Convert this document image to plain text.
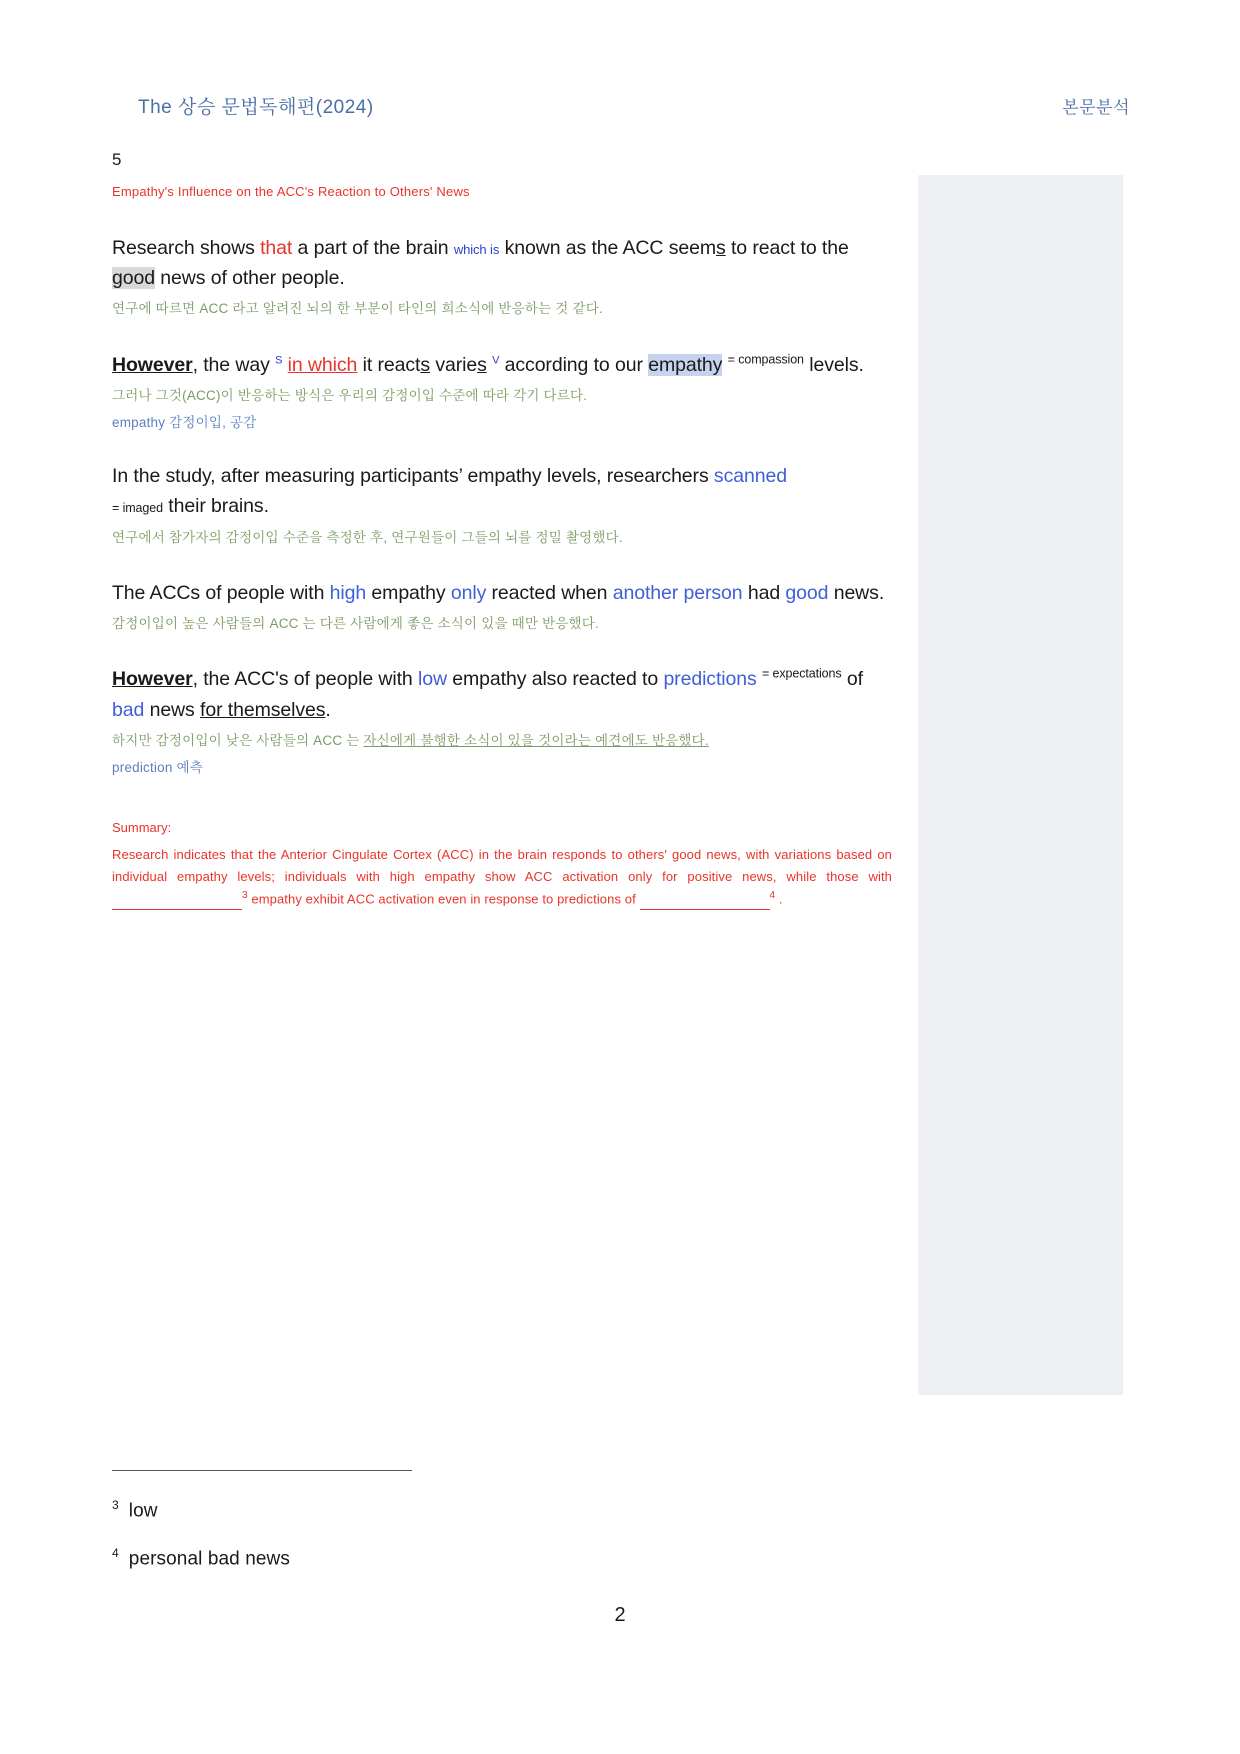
The 상승 문법독해편(2024)	본문분석
5
Empathy's Influence on the ACC's Reaction to Others' News
Research shows that a part of the brain which is known as the ACC seems to react to the good news of other people.
연구에 따르면 ACC 라고 알려진 뇌의 한 부분이 타인의 희소식에 반응하는 것 같다.
However, the way $^S$ in which it reacts varies $^V$ according to our empathy $^{= compassion}$ levels.
그러나 그것(ACC)이 반응하는 방식은 우리의 감정이입 수준에 따라 각기 다르다.
empathy 감정이입, 공감
In the study, after measuring participants’ empathy levels, researchers scanned
= imaged their brains.
연구에서 참가자의 감정이입 수준을 측정한 후, 연구원들이 그들의 뇌를 정밀 촬영했다.
The ACCs of people with high empathy only reacted when another person had good news.
감정이입이 높은 사람들의 ACC 는 다른 사람에게 좋은 소식이 있을 때만 반응했다.
However, the ACC's of people with low empathy also reacted to predictions $^{= expectations}$ of bad news for themselves.
하지만 감정이입이 낮은 사람들의 ACC 는 자신에게 불행한 소식이 있을 것이라는 예견에도 반응했다.
prediction 예측
Summary:
Research indicates that the Anterior Cingulate Cortex (ACC) in the brain responds to others' good news, with variations based on individual empathy levels; individuals with high empathy show ACC activation only for positive news, while those with $^3$ empathy exhibit ACC activation even in response to predictions of	$^4$ .
$^3$ low
$^4$ personal bad news
2
